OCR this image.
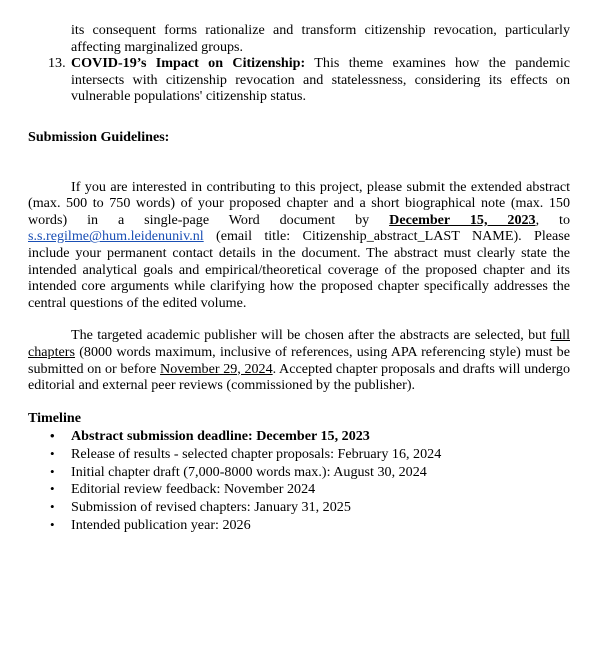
its consequent forms rationalize and transform citizenship revocation, particularly affecting marginalized groups.

13. COVID-19’s Impact on Citizenship: This theme examines how the pandemic intersects with citizenship revocation and statelessness, considering its effects on vulnerable populations' citizenship status.

Submission Guidelines:

If you are interested in contributing to this project, please submit the extended abstract (max. 500 to 750 words) of your proposed chapter and a short biographical note (max. 150 words) in a single-page Word document by December 15, 2023, to s.s.regilme@hum.leidenuniv.nl (email title: Citizenship_abstract_LAST NAME). Please include your permanent contact details in the document. The abstract must clearly state the intended analytical goals and empirical/theoretical coverage of the proposed chapter and its intended core arguments while clarifying how the proposed chapter specifically addresses the central questions of the edited volume.

The targeted academic publisher will be chosen after the abstracts are selected, but full chapters (8000 words maximum, inclusive of references, using APA referencing style) must be submitted on or before November 29, 2024. Accepted chapter proposals and drafts will undergo editorial and external peer reviews (commissioned by the publisher).

Timeline

• Abstract submission deadline: December 15, 2023
• Release of results - selected chapter proposals: February 16, 2024
• Initial chapter draft (7,000-8000 words max.): August 30, 2024
• Editorial review feedback: November 2024
• Submission of revised chapters: January 31, 2025
• Intended publication year: 2026
